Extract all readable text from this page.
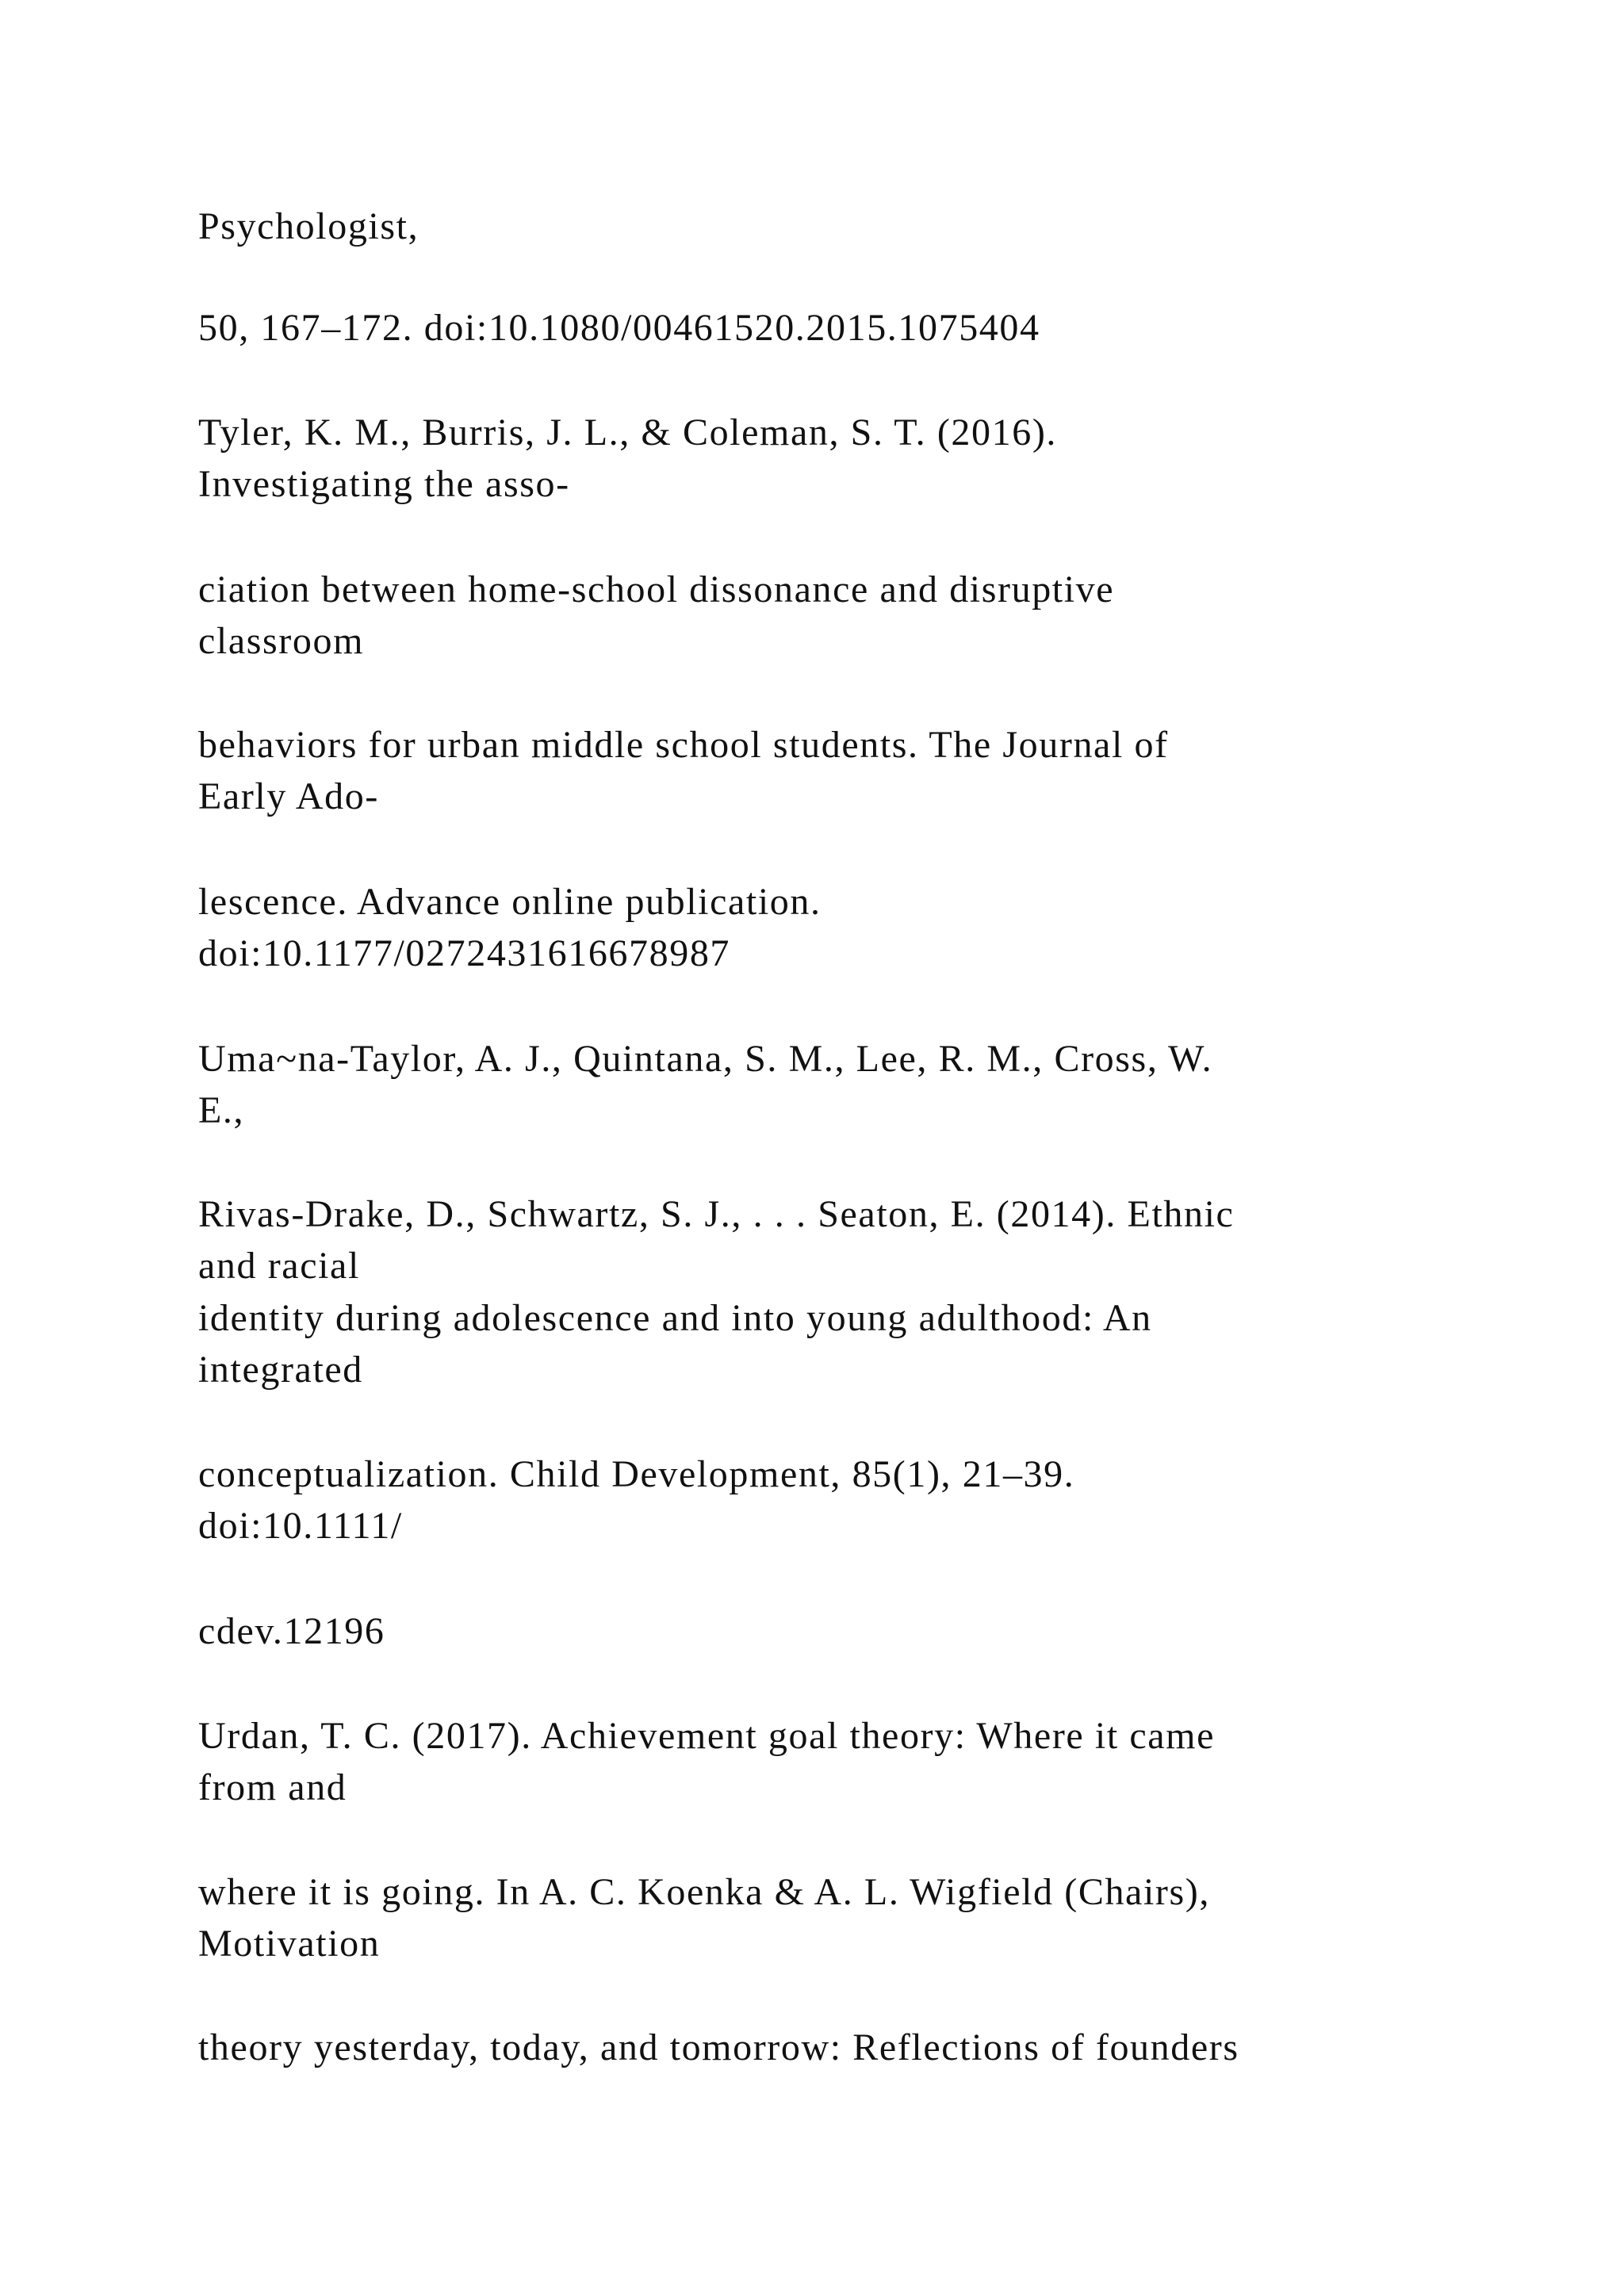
Psychologist,

50, 167–172. doi:10.1080/00461520.2015.1075404

Tyler, K. M., Burris, J. L., & Coleman, S. T. (2016).

Investigating the asso-

ciation between home-school dissonance and disruptive

classroom

behaviors for urban middle school students. The Journal of

Early Ado-

lescence. Advance online publication.

doi:10.1177/0272431616678987

Uma~na-Taylor, A. J., Quintana, S. M., Lee, R. M., Cross, W.

E.,

Rivas-Drake, D., Schwartz, S. J., . . . Seaton, E. (2014). Ethnic

and racial

identity during adolescence and into young adulthood: An

integrated

conceptualization. Child Development, 85(1), 21–39.

doi:10.1111/

cdev.12196

Urdan, T. C. (2017). Achievement goal theory: Where it came

from and

where it is going. In A. C. Koenka & A. L. Wigfield (Chairs),

Motivation

theory yesterday, today, and tomorrow: Reflections of founders
